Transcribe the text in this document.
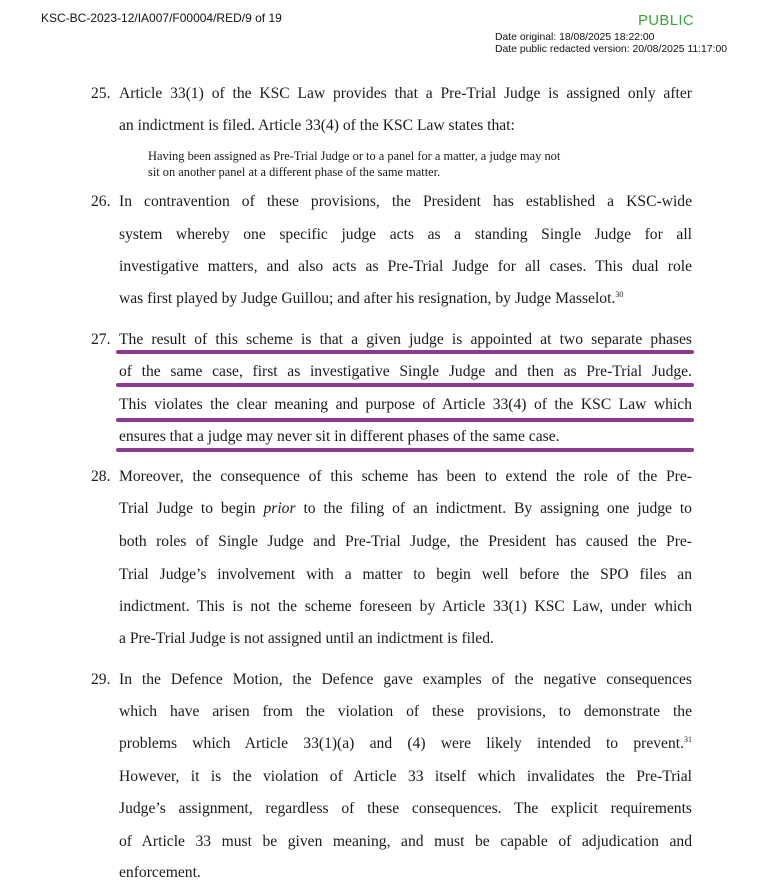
KSC-BC-2023-12/IA007/F00004/RED/9 of 19	PUBLIC
Date original: 18/08/2025 18:22:00
Date public redacted version: 20/08/2025 11:17:00
25. Article 33(1) of the KSC Law provides that a Pre-Trial Judge is assigned only after
an indictment is filed. Article 33(4) of the KSC Law states that:
Having been assigned as Pre-Trial Judge or to a panel for a matter, a judge may not
sit on another panel at a different phase of the same matter.
26. In contravention of these provisions, the President has established a KSC-wide
system whereby one specific judge acts as a standing Single Judge for all
investigative matters, and also acts as Pre-Trial Judge for all cases. This dual role
was first played by Judge Guillou; and after his resignation, by Judge Masselot.$^{30}$
27. The result of this scheme is that a given judge is appointed at two separate phases
of the same case, first as investigative Single Judge and then as Pre-Trial Judge.
This violates the clear meaning and purpose of Article 33(4) of the KSC Law which
ensures that a judge may never sit in different phases of the same case.
28. Moreover, the consequence of this scheme has been to extend the role of the Pre-
Trial Judge to begin prior to the filing of an indictment. By assigning one judge to
both roles of Single Judge and Pre-Trial Judge, the President has caused the Pre-
Trial Judge’s involvement with a matter to begin well before the SPO files an
indictment. This is not the scheme foreseen by Article 33(1) KSC Law, under which
a Pre-Trial Judge is not assigned until an indictment is filed.
29. In the Defence Motion, the Defence gave examples of the negative consequences
which have arisen from the violation of these provisions, to demonstrate the
problems which Article 33(1)(a) and (4) were likely intended to prevent.$^{31}$
However, it is the violation of Article 33 itself which invalidates the Pre-Trial
Judge’s assignment, regardless of these consequences. The explicit requirements
of Article 33 must be given meaning, and must be capable of adjudication and
enforcement.
